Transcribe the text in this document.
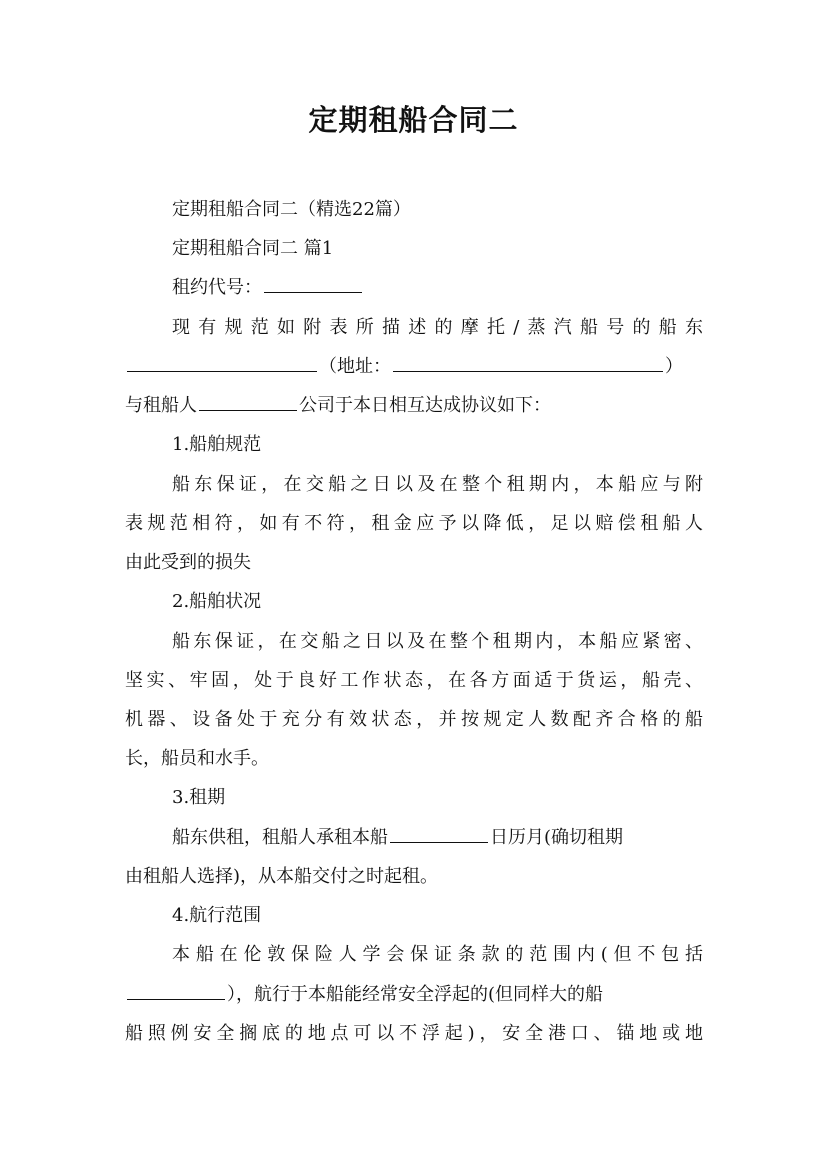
定期租船合同二
定期租船合同二（精选22篇）
定期租船合同二 篇1
租约代号：
现有规范如附表所描述的摩托/蒸汽船号的船东
（地址：	）
与租船人	公司于本日相互达成协议如下：
1.船舶规范
船东保证，在交船之日以及在整个租期内，本船应与附
表规范相符，如有不符，租金应予以降低，足以赔偿租船人
由此受到的损失
2.船舶状况
船东保证，在交船之日以及在整个租期内，本船应紧密、
坚实、牢固，处于良好工作状态，在各方面适于货运，船壳、
机器、设备处于充分有效状态，并按规定人数配齐合格的船
长，船员和水手。
3.租期
船东供租，租船人承租本船	日历月(确切租期
由租船人选择)，从本船交付之时起租。
4.航行范围
本船在伦敦保险人学会保证条款的范围内(但不包括
），航行于本船能经常安全浮起的(但同样大的船
船照例安全搁底的地点可以不浮起)，安全港口、锚地或地
